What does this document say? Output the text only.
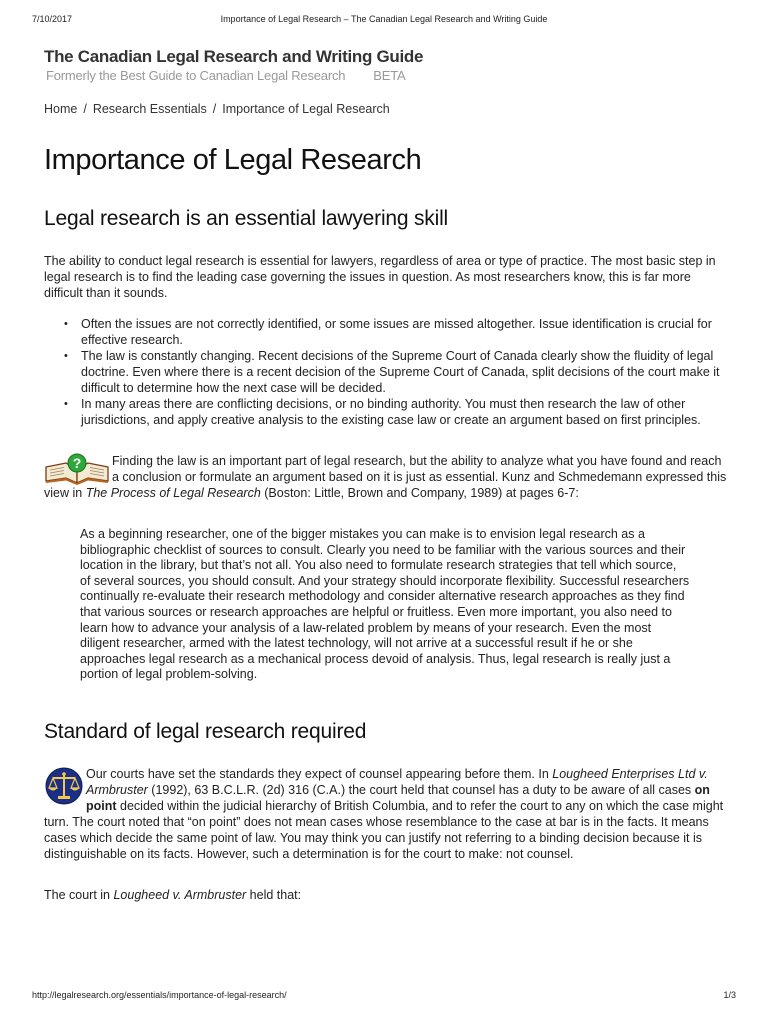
7/10/2017	Importance of Legal Research – The Canadian Legal Research and Writing Guide
The Canadian Legal Research and Writing Guide
Formerly the Best Guide to Canadian Legal Research BETA
Home / Research Essentials / Importance of Legal Research
Importance of Legal Research
Legal research is an essential lawyering skill

The ability to conduct legal research is essential for lawyers, regardless of area or type of practice. The most basic step in legal research is to find the leading case governing the issues in question. As most researchers know, this is far more difficult than it sounds.

• Often the issues are not correctly identified, or some issues are missed altogether. Issue identification is crucial for effective research.
• The law is constantly changing. Recent decisions of the Supreme Court of Canada clearly show the fluidity of legal doctrine. Even where there is a recent decision of the Supreme Court of Canada, split decisions of the court make it difficult to determine how the next case will be decided.
• In many areas there are conflicting decisions, or no binding authority. You must then research the law of other jurisdictions, and apply creative analysis to the existing case law or create an argument based on first principles.

? Finding the law is an important part of legal research, but the ability to analyze what you have found and reach a conclusion or formulate an argument based on it is just as essential. Kunz and Schmedemann expressed this view in The Process of Legal Research (Boston: Little, Brown and Company, 1989) at pages 6-7:

As a beginning researcher, one of the bigger mistakes you can make is to envision legal research as a bibliographic checklist of sources to consult. Clearly you need to be familiar with the various sources and their location in the library, but that’s not all. You also need to formulate research strategies that tell which source, of several sources, you should consult. And your strategy should incorporate flexibility. Successful researchers continually re-evaluate their research methodology and consider alternative research approaches as they find that various sources or research approaches are helpful or fruitless. Even more important, you also need to learn how to advance your analysis of a law-related problem by means of your research. Even the most diligent researcher, armed with the latest technology, will not arrive at a successful result if he or she approaches legal research as a mechanical process devoid of analysis. Thus, legal research is really just a portion of legal problem-solving.
Standard of legal research required

Our courts have set the standards they expect of counsel appearing before them. In Lougheed Enterprises Ltd v. Armbruster (1992), 63 B.C.L.R. (2d) 316 (C.A.) the court held that counsel has a duty to be aware of all cases on point decided within the judicial hierarchy of British Columbia, and to refer the court to any on which the case might turn. The court noted that “on point” does not mean cases whose resemblance to the case at bar is in the facts. It means cases which decide the same point of law. You may think you can justify not referring to a binding decision because it is distinguishable on its facts. However, such a determination is for the court to make: not counsel.

The court in Lougheed v. Armbruster held that:

http://legalresearch.org/essentials/importance-of-legal-research/	1/3
